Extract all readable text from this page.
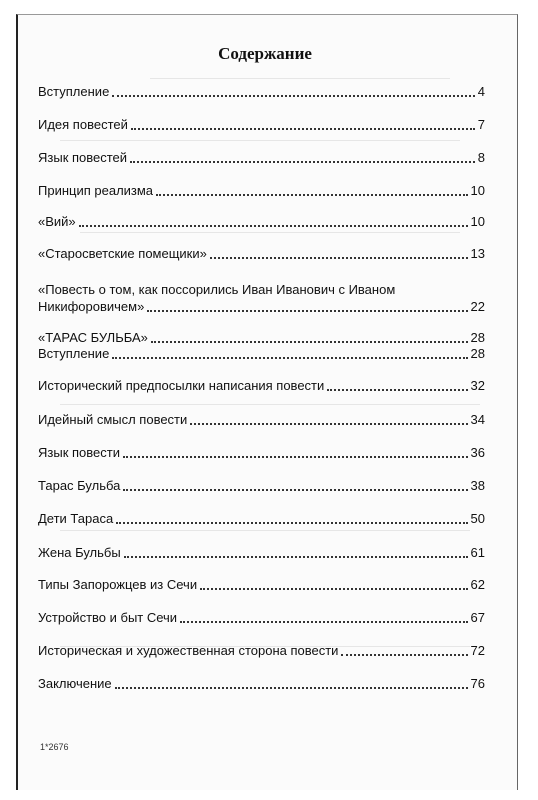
Содержание
Вступление	4
Идея повестей	7
Язык повестей	8
Принцип реализма	10
«Вий»	10
«Старосветские помещики»	13
«Повесть о том, как поссорились Иван Иванович с Иваном
Никифоровичем»	22
«ТАРАС БУЛЬБА»	28
Вступление	28
Исторический предпосылки написания повести	32
Идейный смысл повести	34
Язык повести	36
Тарас Бульба	38
Дети Тараса	50
Жена Бульбы	61
Типы Запорожцев из Сечи	62
Устройство и быт Сечи	67
Историческая и художественная сторона повести	72
Заключение	76
1*2676
